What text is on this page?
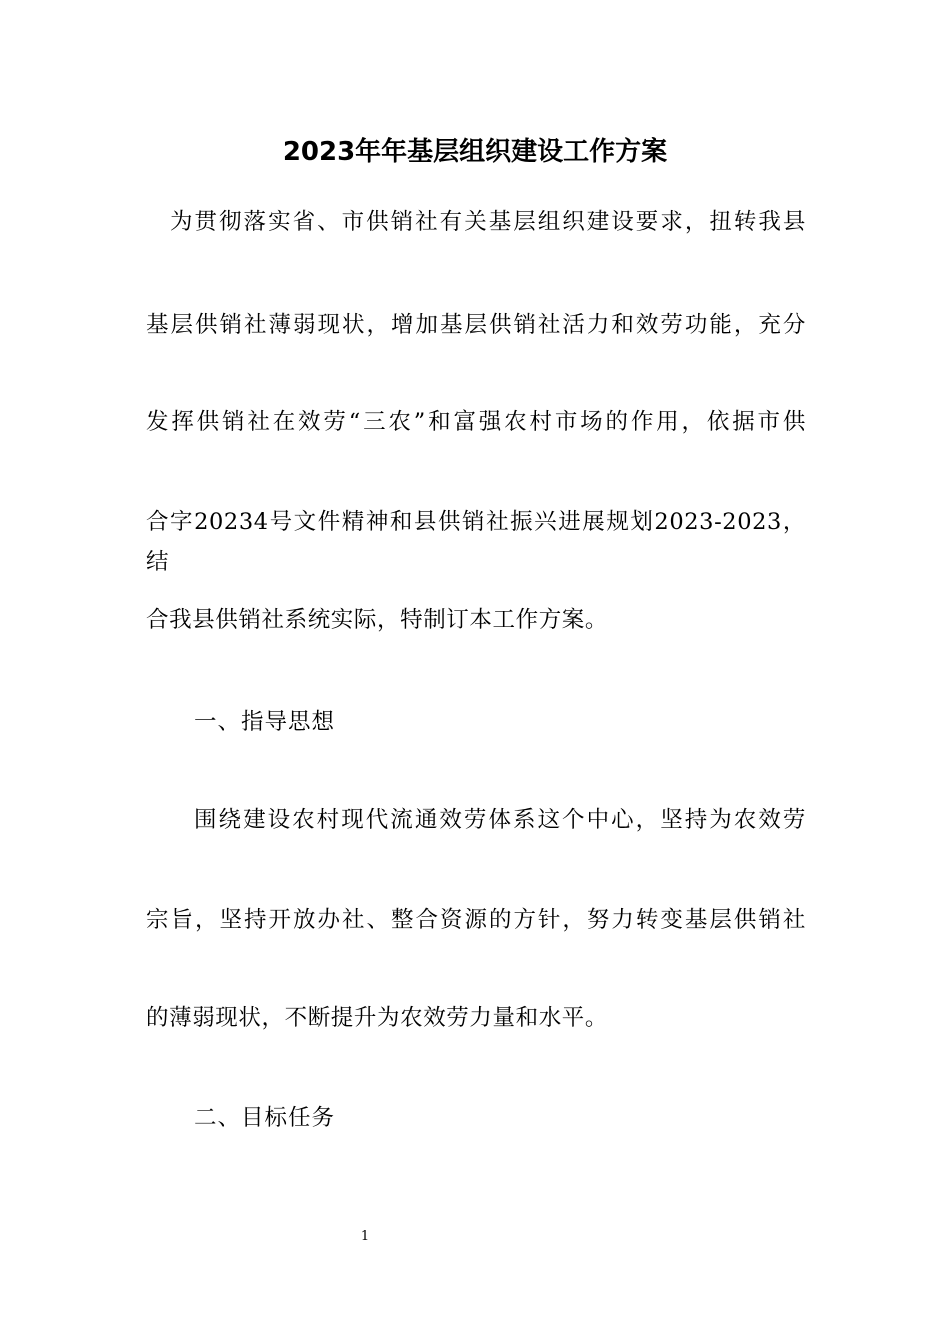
2023年年基层组织建设工作方案
为贯彻落实省、市供销社有关基层组织建设要求，扭转我县
基层供销社薄弱现状，增加基层供销社活力和效劳功能，充分
发挥供销社在效劳“三农”和富强农村市场的作用，依据市供
合字20234号文件精神和县供销社振兴进展规划2023-2023，结
合我县供销社系统实际，特制订本工作方案。
一、指导思想
围绕建设农村现代流通效劳体系这个中心，坚持为农效劳
宗旨，坚持开放办社、整合资源的方针，努力转变基层供销社
的薄弱现状，不断提升为农效劳力量和水平。
二、目标任务
1
